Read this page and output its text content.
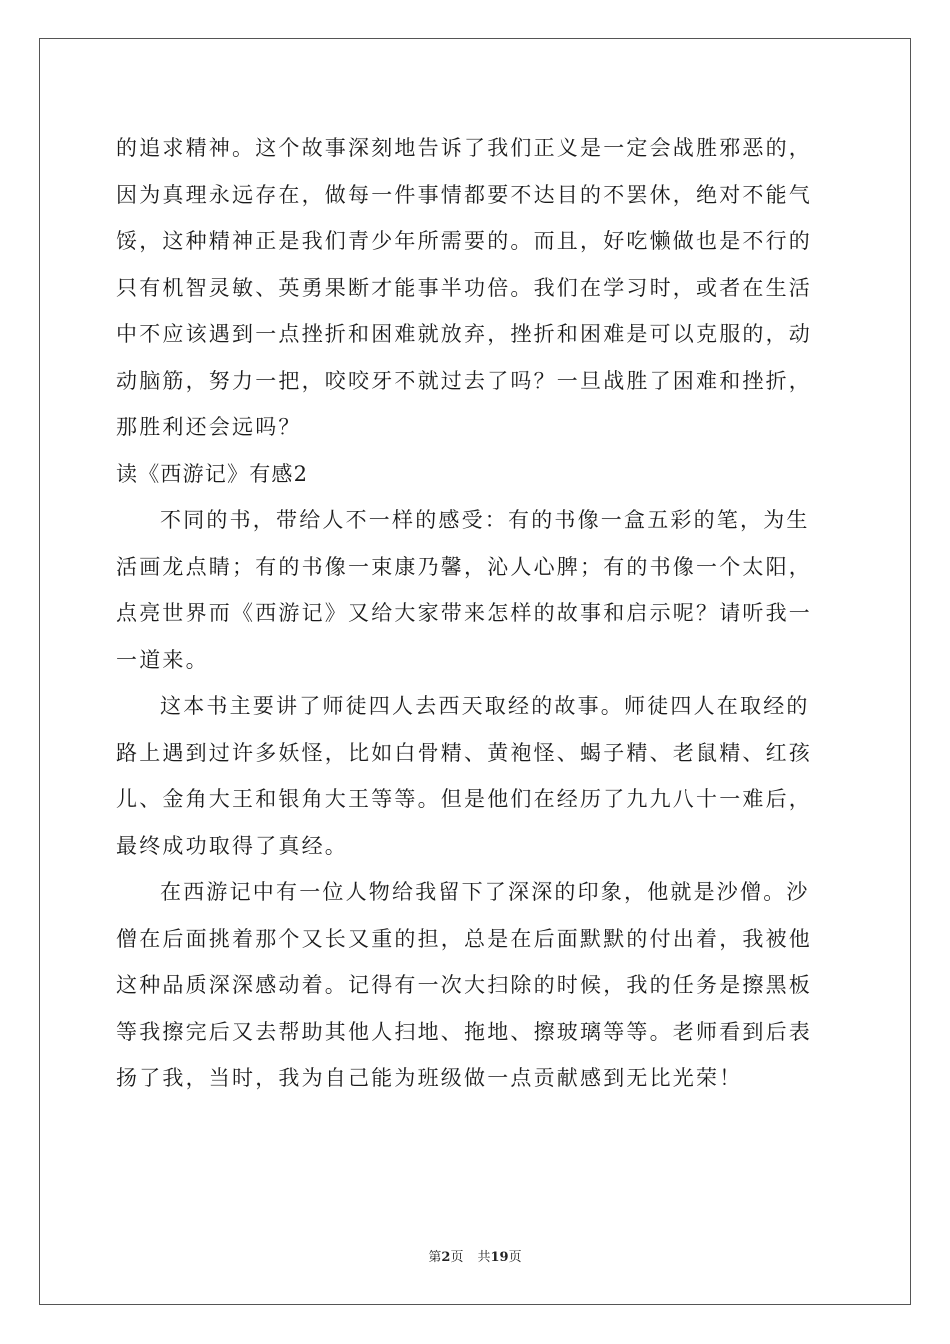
的追求精神。这个故事深刻地告诉了我们正义是一定会战胜邪恶的，
因为真理永远存在，做每一件事情都要不达目的不罢休，绝对不能气
馁，这种精神正是我们青少年所需要的。而且，好吃懒做也是不行的
只有机智灵敏、英勇果断才能事半功倍。我们在学习时，或者在生活
中不应该遇到一点挫折和困难就放弃，挫折和困难是可以克服的，动
动脑筋，努力一把，咬咬牙不就过去了吗？一旦战胜了困难和挫折，
那胜利还会远吗？
读《西游记》有感2
不同的书，带给人不一样的感受：有的书像一盒五彩的笔，为生
活画龙点睛；有的书像一束康乃馨，沁人心脾；有的书像一个太阳，
点亮世界而《西游记》又给大家带来怎样的故事和启示呢？请听我一
一道来。
这本书主要讲了师徒四人去西天取经的故事。师徒四人在取经的
路上遇到过许多妖怪，比如白骨精、黄袍怪、蝎子精、老鼠精、红孩
儿、金角大王和银角大王等等。但是他们在经历了九九八十一难后，
最终成功取得了真经。
在西游记中有一位人物给我留下了深深的印象，他就是沙僧。沙
僧在后面挑着那个又长又重的担，总是在后面默默的付出着，我被他
这种品质深深感动着。记得有一次大扫除的时候，我的任务是擦黑板
等我擦完后又去帮助其他人扫地、拖地、擦玻璃等等。老师看到后表
扬了我，当时，我为自己能为班级做一点贡献感到无比光荣！
第2页 共19页
